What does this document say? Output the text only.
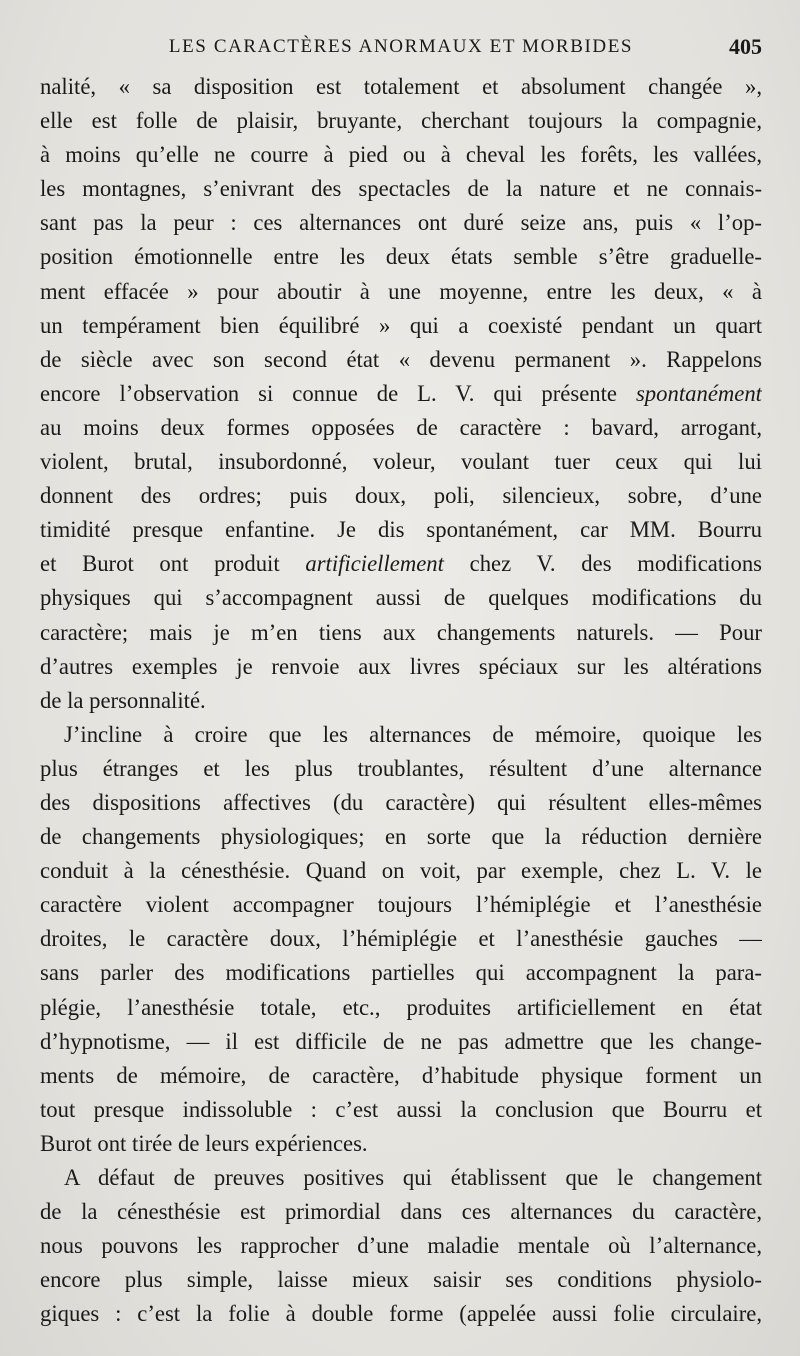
LES CARACTÈRES ANORMAUX ET MORBIDES	405
nalité, « sa disposition est totalement et absolument changée »,
elle est folle de plaisir, bruyante, cherchant toujours la compagnie,
à moins qu’elle ne courre à pied ou à cheval les forêts, les vallées,
les montagnes, s’enivrant des spectacles de la nature et ne connais-
sant pas la peur : ces alternances ont duré seize ans, puis « l’op-
position émotionnelle entre les deux états semble s’être graduelle-
ment effacée » pour aboutir à une moyenne, entre les deux, « à
un tempérament bien équilibré » qui a coexisté pendant un quart
de siècle avec son second état « devenu permanent ». Rappelons
encore l’observation si connue de L. V. qui présente spontanément
au moins deux formes opposées de caractère : bavard, arrogant,
violent, brutal, insubordonné, voleur, voulant tuer ceux qui lui
donnent des ordres; puis doux, poli, silencieux, sobre, d’une
timidité presque enfantine. Je dis spontanément, car MM. Bourru
et Burot ont produit artificiellement chez V. des modifications
physiques qui s’accompagnent aussi de quelques modifications du
caractère; mais je m’en tiens aux changements naturels. — Pour
d’autres exemples je renvoie aux livres spéciaux sur les altérations
de la personnalité.
J’incline à croire que les alternances de mémoire, quoique les
plus étranges et les plus troublantes, résultent d’une alternance
des dispositions affectives (du caractère) qui résultent elles-mêmes
de changements physiologiques; en sorte que la réduction dernière
conduit à la cénesthésie. Quand on voit, par exemple, chez L. V. le
caractère violent accompagner toujours l’hémiplégie et l’anesthésie
droites, le caractère doux, l’hémiplégie et l’anesthésie gauches —
sans parler des modifications partielles qui accompagnent la para-
plégie, l’anesthésie totale, etc., produites artificiellement en état
d’hypnotisme, — il est difficile de ne pas admettre que les change-
ments de mémoire, de caractère, d’habitude physique forment un
tout presque indissoluble : c’est aussi la conclusion que Bourru et
Burot ont tirée de leurs expériences.
A défaut de preuves positives qui établissent que le changement
de la cénesthésie est primordial dans ces alternances du caractère,
nous pouvons les rapprocher d’une maladie mentale où l’alternance,
encore plus simple, laisse mieux saisir ses conditions physiolo-
giques : c’est la folie à double forme (appelée aussi folie circulaire,
